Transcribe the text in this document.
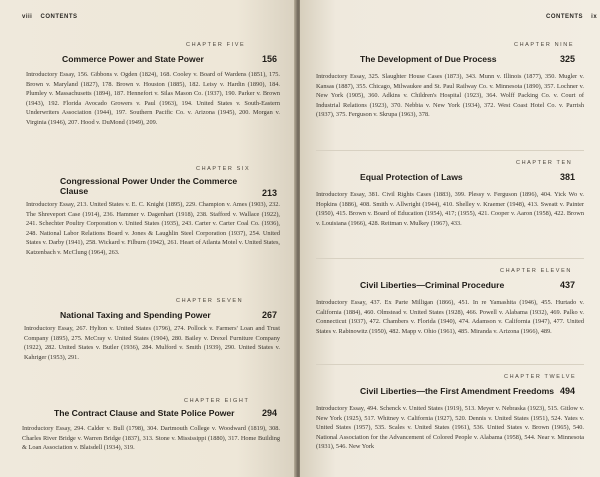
viii CONTENTS
CHAPTER FIVE
Commerce Power and State Power	156
Introductory Essay, 156. Gibbons v. Ogden (1824), 168. Cooley v. Board of Wardens (1851), 175. Brown v. Maryland (1827), 178. Brown v. Houston (1885), 182. Leisy v. Hardin (1890), 184. Plumley v. Massachusetts (1894), 187. Hennefort v. Silas Mason Co. (1937), 190. Parker v. Brown (1943), 192. Florida Avocado Growers v. Paul (1963), 194. United States v. South-Eastern Underwriters Association (1944), 197. Southern Pacific Co. v. Arizona (1945), 200. Morgan v. Virginia (1946), 207. Hood v. DuMond (1949), 209.
CHAPTER SIX
Congressional Power Under the Commerce Clause	213
Introductory Essay, 213. United States v. E. C. Knight (1895), 229. Champion v. Ames (1903), 232. The Shreveport Case (1914), 236. Hammer v. Dagenhart (1918), 238. Stafford v. Wallace (1922), 241. Schechter Poultry Corporation v. United States (1935), 243. Carter v. Carter Coal Co. (1936), 248. National Labor Relations Board v. Jones & Laughlin Steel Corporation (1937), 254. United States v. Darby (1941), 258. Wickard v. Filburn (1942), 261. Heart of Atlanta Motel v. United States, Katzenbach v. McClung (1964), 263.
CHAPTER SEVEN
National Taxing and Spending Power	267
Introductory Essay, 267. Hylton v. United States (1796), 274. Pollock v. Farmers' Loan and Trust Company (1895), 275. McCray v. United States (1904), 280. Bailey v. Drexel Furniture Company (1922), 282. United States v. Butler (1936), 284. Mulford v. Smith (1939), 290. United States v. Kahriger (1953), 291.
CHAPTER EIGHT
The Contract Clause and State Police Power	294
Introductory Essay, 294. Calder v. Bull (1798), 304. Dartmouth College v. Woodward (1819), 308. Charles River Bridge v. Warren Bridge (1837), 313. Stone v. Mississippi (1880), 317. Home Building & Loan Association v. Blaisdell (1934), 319.
CONTENTS ix
CHAPTER NINE
The Development of Due Process	325
Introductory Essay, 325. Slaughter House Cases (1873), 343. Munn v. Illinois (1877), 350. Mugler v. Kansas (1887), 355. Chicago, Milwaukee and St. Paul Railway Co. v. Minnesota (1890), 357. Lochner v. New York (1905), 360. Adkins v. Children's Hospital (1923), 364. Wolff Packing Co. v. Court of Industrial Relations (1923), 370. Nebbia v. New York (1934), 372. West Coast Hotel Co. v. Parrish (1937), 375. Ferguson v. Skrupa (1963), 378.
CHAPTER TEN
Equal Protection of Laws	381
Introductory Essay, 381. Civil Rights Cases (1883), 399. Plessy v. Ferguson (1896), 404. Yick Wo v. Hopkins (1886), 408. Smith v. Allwright (1944), 410. Shelley v. Kraemer (1948), 413. Sweatt v. Painter (1950), 415. Brown v. Board of Education (1954), 417; (1955), 421. Cooper v. Aaron (1958), 422. Brown v. Louisiana (1966), 428. Reitman v. Mulkey (1967), 433.
CHAPTER ELEVEN
Civil Liberties—Criminal Procedure	437
Introductory Essay, 437. Ex Parte Milligan (1866), 451. In re Yamashita (1946), 455. Hurtado v. California (1884), 460. Olmstead v. United States (1928), 466. Powell v. Alabama (1932), 469. Palko v. Connecticut (1937), 472. Chambers v. Florida (1940), 474. Adamson v. California (1947), 477. United States v. Rabinowitz (1950), 482. Mapp v. Ohio (1961), 485. Miranda v. Arizona (1966), 489.
CHAPTER TWELVE
Civil Liberties—the First Amendment Freedoms 494
Introductory Essay, 494. Schenck v. United States (1919), 513. Meyer v. Nebraska (1923), 515. Gitlow v. New York (1925), 517. Whitney v. California (1927), 520. Dennis v. United States (1951), 524. Yates v. United States (1957), 535. Scales v. United States (1961), 536. United States v. Brown (1965), 540. National Association for the Advancement of Colored People v. Alabama (1958), 544. Near v. Minnesota (1931), 546. New York
